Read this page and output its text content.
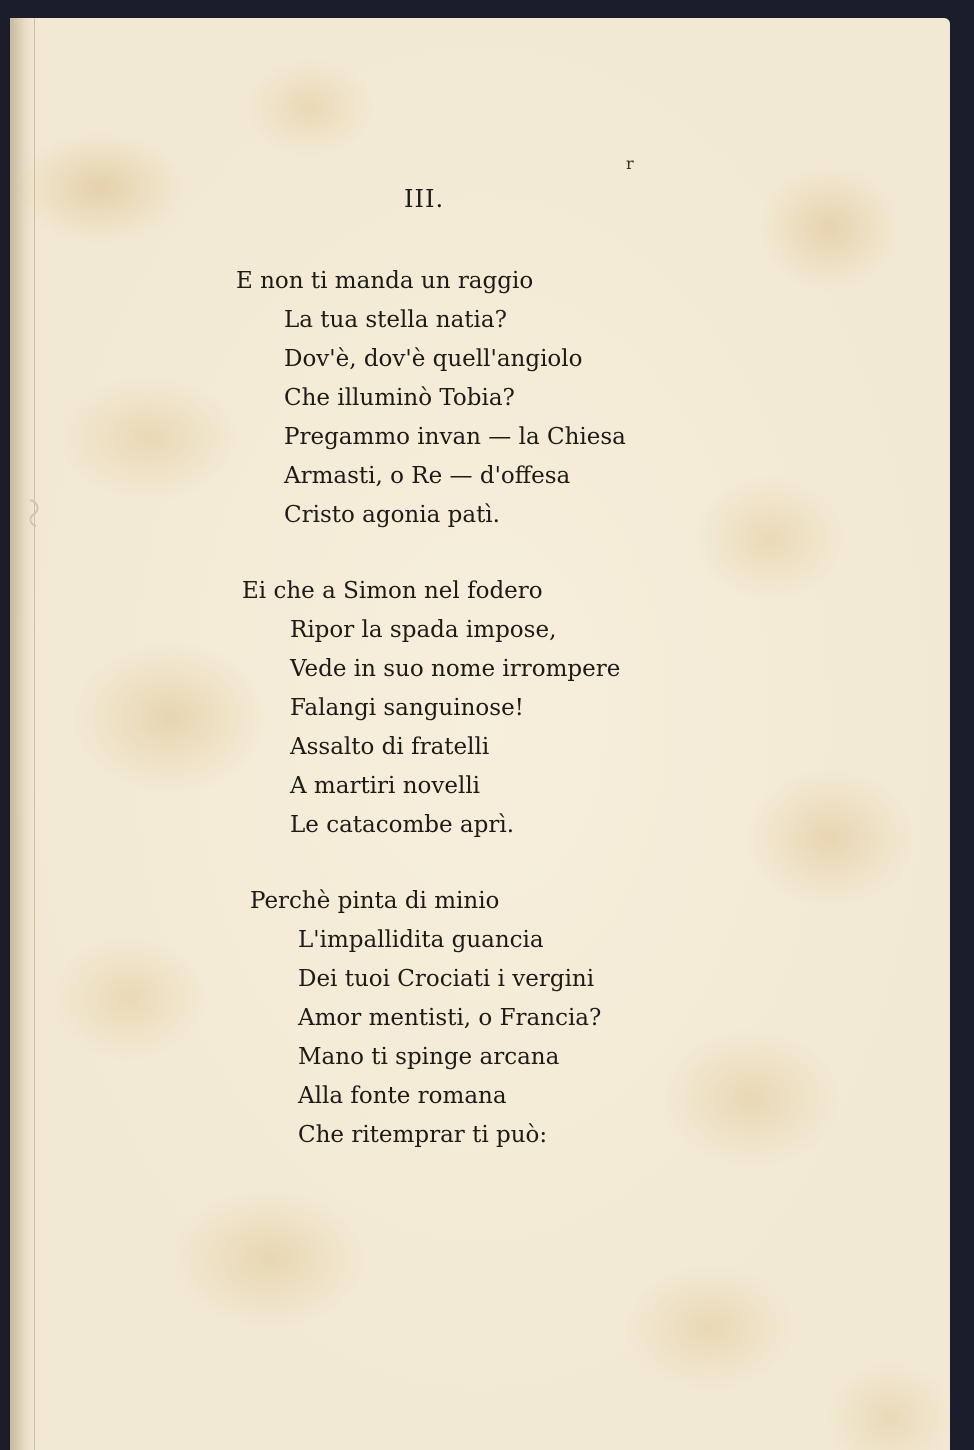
III.
r
E non ti manda un raggio
La tua stella natia?
Dov'è, dov'è quell'angiolo
Che illuminò Tobia?
Pregammo invan — la Chiesa
Armasti, o Re — d'offesa
Cristo agonia patì.
Ei che a Simon nel fodero
Ripor la spada impose,
Vede in suo nome irrompere
Falangi sanguinose!
Assalto di fratelli
A martiri novelli
Le catacombe aprì.
Perchè pinta di minio
L'impallidita guancia
Dei tuoi Crociati i vergini
Amor mentisti, o Francia?
Mano ti spinge arcana
Alla fonte romana
Che ritemprar ti può:
